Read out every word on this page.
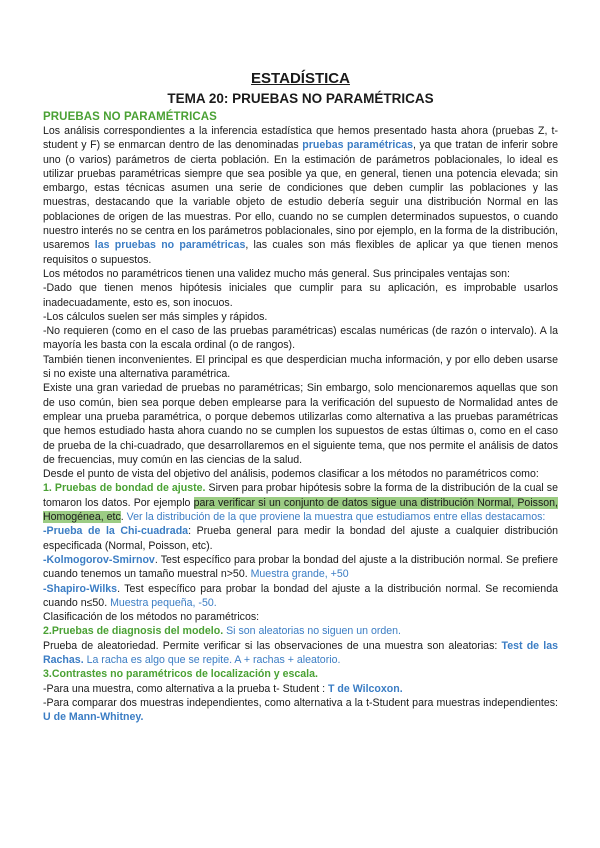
ESTADÍSTICA
TEMA 20: PRUEBAS NO PARAMÉTRICAS
PRUEBAS NO PARAMÉTRICAS

Los análisis correspondientes a la inferencia estadística que hemos presentado hasta ahora (pruebas Z, t-student y F) se enmarcan dentro de las denominadas pruebas paramétricas, ya que tratan de inferir sobre uno (o varios) parámetros de cierta población. En la estimación de parámetros poblacionales, lo ideal es utilizar pruebas paramétricas siempre que sea posible ya que, en general, tienen una potencia elevada; sin embargo, estas técnicas asumen una serie de condiciones que deben cumplir las poblaciones y las muestras, destacando que la variable objeto de estudio debería seguir una distribución Normal en las poblaciones de origen de las muestras. Por ello, cuando no se cumplen determinados supuestos, o cuando nuestro interés no se centra en los parámetros poblacionales, sino por ejemplo, en la forma de la distribución, usaremos las pruebas no paramétricas, las cuales son más flexibles de aplicar ya que tienen menos requisitos o supuestos.

Los métodos no paramétricos tienen una validez mucho más general. Sus principales ventajas son:

-Dado que tienen menos hipótesis iniciales que cumplir para su aplicación, es improbable usarlos inadecuadamente, esto es, son inocuos.

-Los cálculos suelen ser más simples y rápidos.

-No requieren (como en el caso de las pruebas paramétricas) escalas numéricas (de razón o intervalo). A la mayoría les basta con la escala ordinal (o de rangos).

También tienen inconvenientes. El principal es que desperdician mucha información, y por ello deben usarse si no existe una alternativa paramétrica.

Existe una gran variedad de pruebas no paramétricas; Sin embargo, solo mencionaremos aquellas que son de uso común, bien sea porque deben emplearse para la verificación del supuesto de Normalidad antes de emplear una prueba paramétrica, o porque debemos utilizarlas como alternativa a las pruebas paramétricas que hemos estudiado hasta ahora cuando no se cumplen los supuestos de estas últimas o, como en el caso de prueba de la chi-cuadrado, que desarrollaremos en el siguiente tema, que nos permite el análisis de datos de frecuencias, muy común en las ciencias de la salud.

Desde el punto de vista del objetivo del análisis, podemos clasificar a los métodos no paramétricos como:

1. Pruebas de bondad de ajuste. Sirven para probar hipótesis sobre la forma de la distribución de la cual se tomaron los datos. Por ejemplo para verificar si un conjunto de datos sigue una distribución Normal, Poisson, Homogénea, etc. Ver la distribución de la que proviene la muestra que estudiamos entre ellas destacamos:

-Prueba de la Chi-cuadrada: Prueba general para medir la bondad del ajuste a cualquier distribución especificada (Normal, Poisson, etc).

-Kolmogorov-Smirnov. Test específico para probar la bondad del ajuste a la distribución normal. Se prefiere cuando tenemos un tamaño muestral n>50. Muestra grande, +50

-Shapiro-Wilks. Test específico para probar la bondad del ajuste a la distribución normal. Se recomienda cuando n≤50. Muestra pequeña, -50.

Clasificación de los métodos no paramétricos:

2.Pruebas de diagnosis del modelo. Si son aleatorias no siguen un orden.

Prueba de aleatoriedad. Permite verificar si las observaciones de una muestra son aleatorias: Test de las Rachas. La racha es algo que se repite. A + rachas + aleatorio.

3.Contrastes no paramétricos de localización y escala.

-Para una muestra, como alternativa a la prueba t- Student : T de Wilcoxon.

-Para comparar dos muestras independientes, como alternativa a la t-Student para muestras independientes: U de Mann-Whitney.
